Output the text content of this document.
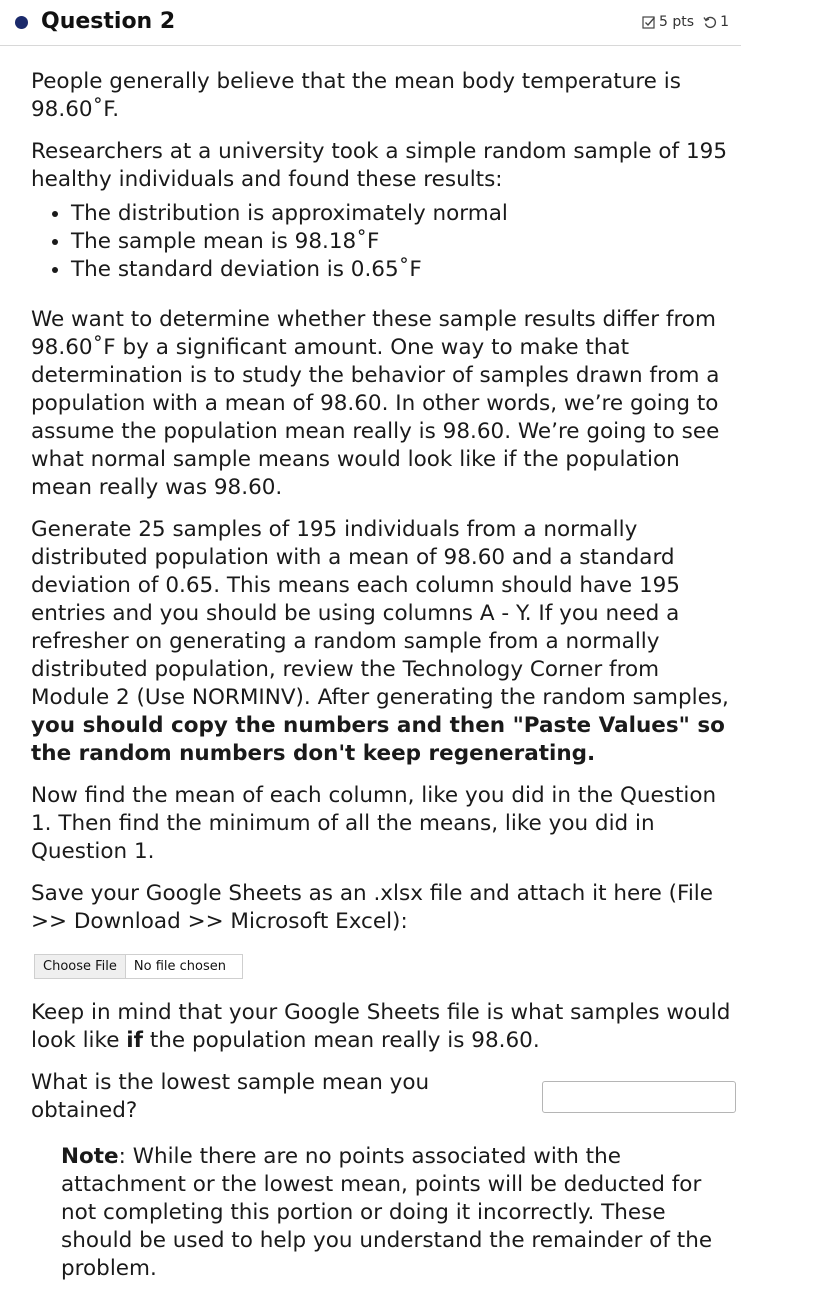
Question 2	5 pts 1

People generally believe that the mean body temperature is 98.60˚F.

Researchers at a university took a simple random sample of 195 healthy individuals and found these results:

• The distribution is approximately normal
• The sample mean is 98.18˚F
• The standard deviation is 0.65˚F

We want to determine whether these sample results differ from 98.60˚F by a significant amount. One way to make that determination is to study the behavior of samples drawn from a population with a mean of 98.60. In other words, we’re going to assume the population mean really is 98.60. We’re going to see what normal sample means would look like if the population mean really was 98.60.

Generate 25 samples of 195 individuals from a normally distributed population with a mean of 98.60 and a standard deviation of 0.65. This means each column should have 195 entries and you should be using columns A - Y. If you need a refresher on generating a random sample from a normally distributed population, review the Technology Corner from Module 2 (Use NORMINV). After generating the random samples, you should copy the numbers and then "Paste Values" so the random numbers don't keep regenerating.

Now find the mean of each column, like you did in the Question 1. Then find the minimum of all the means, like you did in Question 1.

Save your Google Sheets as an .xlsx file and attach it here (File >> Download >> Microsoft Excel):

Choose File	No file chosen

Keep in mind that your Google Sheets file is what samples would look like if the population mean really is 98.60.

What is the lowest sample mean you obtained?

Note: While there are no points associated with the attachment or the lowest mean, points will be deducted for not completing this portion or doing it incorrectly. These should be used to help you understand the remainder of the problem.
